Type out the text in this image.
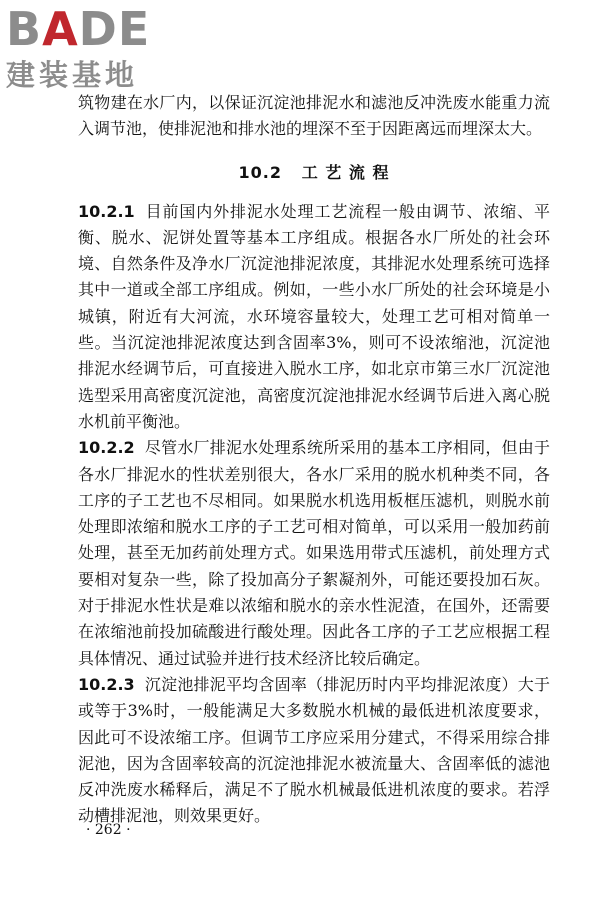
BADE
建装基地

筑物建在水厂内，以保证沉淀池排泥水和滤池反冲洗废水能重力流入调节池，使排泥池和排水池的埋深不至于因距离远而埋深太大。

10.2 工 艺 流 程

10.2.1 目前国内外排泥水处理工艺流程一般由调节、浓缩、平衡、脱水、泥饼处置等基本工序组成。根据各水厂所处的社会环境、自然条件及净水厂沉淀池排泥浓度，其排泥水处理系统可选择其中一道或全部工序组成。例如，一些小水厂所处的社会环境是小城镇，附近有大河流，水环境容量较大，处理工艺可相对简单一些。当沉淀池排泥浓度达到含固率3%，则可不设浓缩池，沉淀池排泥水经调节后，可直接进入脱水工序，如北京市第三水厂沉淀池选型采用高密度沉淀池，高密度沉淀池排泥水经调节后进入离心脱水机前平衡池。

10.2.2 尽管水厂排泥水处理系统所采用的基本工序相同，但由于各水厂排泥水的性状差别很大，各水厂采用的脱水机种类不同，各工序的子工艺也不尽相同。如果脱水机选用板框压滤机，则脱水前处理即浓缩和脱水工序的子工艺可相对简单，可以采用一般加药前处理，甚至无加药前处理方式。如果选用带式压滤机，前处理方式要相对复杂一些，除了投加高分子絮凝剂外，可能还要投加石灰。对于排泥水性状是难以浓缩和脱水的亲水性泥渣，在国外，还需要在浓缩池前投加硫酸进行酸处理。因此各工序的子工艺应根据工程具体情况、通过试验并进行技术经济比较后确定。

10.2.3 沉淀池排泥平均含固率（排泥历时内平均排泥浓度）大于或等于3%时，一般能满足大多数脱水机械的最低进机浓度要求，因此可不设浓缩工序。但调节工序应采用分建式，不得采用综合排泥池，因为含固率较高的沉淀池排泥水被流量大、含固率低的滤池反冲洗废水稀释后，满足不了脱水机械最低进机浓度的要求。若浮动槽排泥池，则效果更好。

· 262 ·
